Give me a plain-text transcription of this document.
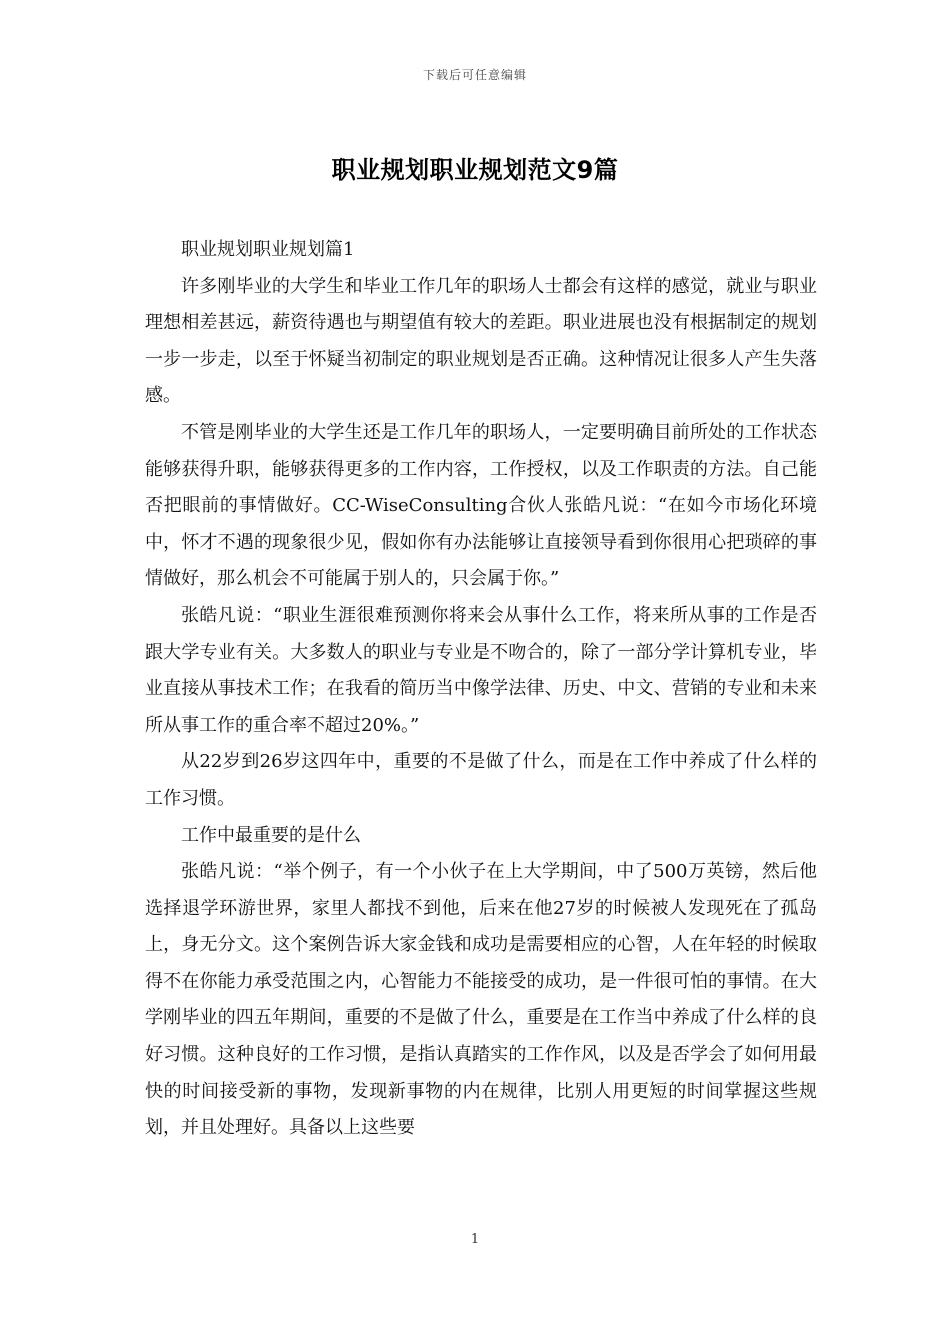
下载后可任意编辑
职业规划职业规划范文9篇

职业规划职业规划篇1

许多刚毕业的大学生和毕业工作几年的职场人士都会有这样的感觉，就业与职业理想相差甚远，薪资待遇也与期望值有较大的差距。职业进展也没有根据制定的规划一步一步走，以至于怀疑当初制定的职业规划是否正确。这种情况让很多人产生失落感。

不管是刚毕业的大学生还是工作几年的职场人，一定要明确目前所处的工作状态能够获得升职，能够获得更多的工作内容，工作授权，以及工作职责的方法。自己能否把眼前的事情做好。CC-WiseConsulting合伙人张皓凡说：“在如今市场化环境中，怀才不遇的现象很少见，假如你有办法能够让直接领导看到你很用心把琐碎的事情做好，那么机会不可能属于别人的，只会属于你。”

张皓凡说：“职业生涯很难预测你将来会从事什么工作，将来所从事的工作是否跟大学专业有关。大多数人的职业与专业是不吻合的，除了一部分学计算机专业，毕业直接从事技术工作；在我看的简历当中像学法律、历史、中文、营销的专业和未来所从事工作的重合率不超过20%。”

从22岁到26岁这四年中，重要的不是做了什么，而是在工作中养成了什么样的工作习惯。

工作中最重要的是什么

张皓凡说：“举个例子，有一个小伙子在上大学期间，中了500万英镑，然后他选择退学环游世界，家里人都找不到他，后来在他27岁的时候被人发现死在了孤岛上，身无分文。这个案例告诉大家金钱和成功是需要相应的心智，人在年轻的时候取得不在你能力承受范围之内，心智能力不能接受的成功，是一件很可怕的事情。在大学刚毕业的四五年期间，重要的不是做了什么，重要是在工作当中养成了什么样的良好习惯。这种良好的工作习惯，是指认真踏实的工作作风，以及是否学会了如何用最快的时间接受新的事物，发现新事物的内在规律，比别人用更短的时间掌握这些规划，并且处理好。具备以上这些要

1
